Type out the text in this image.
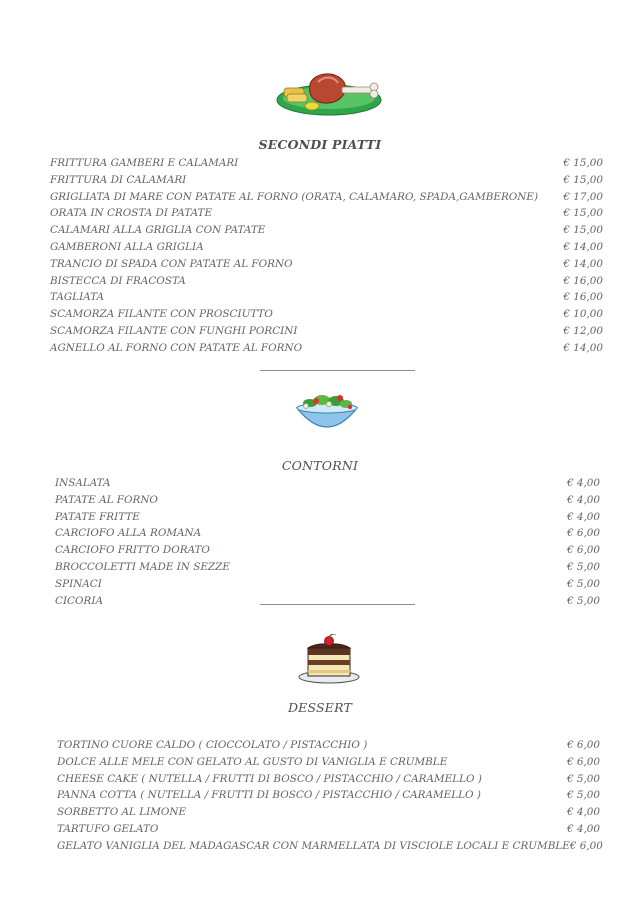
SECONDI PIATTI
FRITTURA GAMBERI E CALAMARI	€ 15,00
FRITTURA DI CALAMARI	€ 15,00
GRIGLIATA DI MARE CON PATATE AL FORNO (ORATA, CALAMARO, SPADA,GAMBERONE) € 17,00
ORATA IN CROSTA DI PATATE	€ 15,00
CALAMARI ALLA GRIGLIA CON PATATE	€ 15,00
GAMBERONI ALLA GRIGLIA	€ 14,00
TRANCIO DI SPADA CON PATATE AL FORNO	€ 14,00
BISTECCA DI FRACOSTA	€ 16,00
TAGLIATA	€ 16,00
SCAMORZA FILANTE CON PROSCIUTTO	€ 10,00
SCAMORZA FILANTE CON FUNGHI PORCINI	€ 12,00
AGNELLO AL FORNO CON PATATE AL FORNO	€ 14,00
CONTORNI
INSALATA	€ 4,00
PATATE AL FORNO	€ 4,00
PATATE FRITTE	€ 4,00
CARCIOFO ALLA ROMANA	€ 6,00
CARCIOFO FRITTO DORATO	€ 6,00
BROCCOLETTI MADE IN SEZZE	€ 5,00
SPINACI	€ 5,00
CICORIA	€ 5,00
DESSERT
TORTINO CUORE CALDO ( CIOCCOLATO / PISTACCHIO )	€ 6,00
DOLCE ALLE MELE CON GELATO AL GUSTO DI VANIGLIA E CRUMBLE	€ 6,00
CHEESE CAKE ( NUTELLA / FRUTTI DI BOSCO / PISTACCHIO / CARAMELLO )	€ 5,00
PANNA COTTA ( NUTELLA / FRUTTI DI BOSCO / PISTACCHIO / CARAMELLO )	€ 5,00
SORBETTO AL LIMONE	€ 4,00
TARTUFO GELATO	€ 4,00
GELATO VANIGLIA DEL MADAGASCAR CON MARMELLATA DI VISCIOLE LOCALI E CRUMBLE € 6,00
